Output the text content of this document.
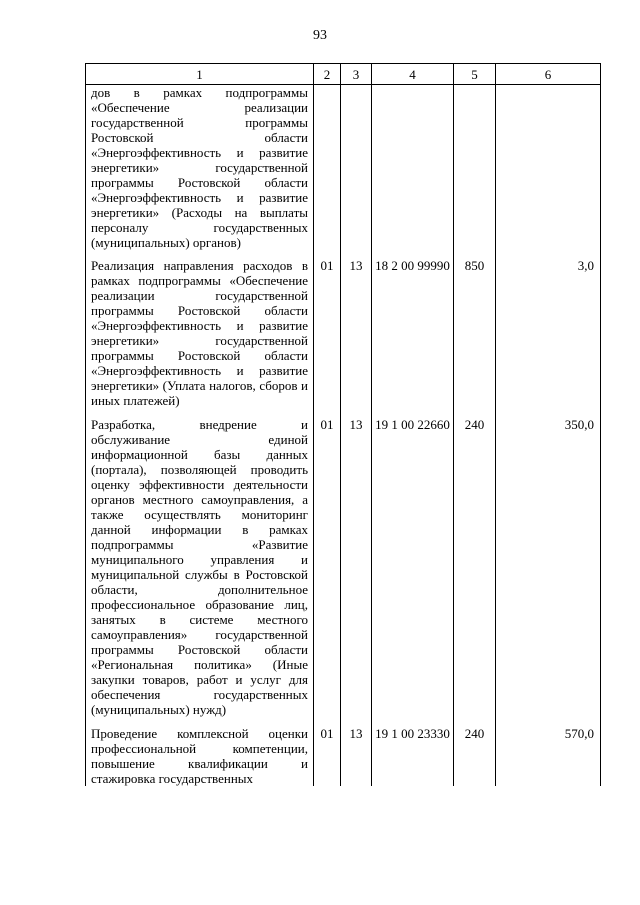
93
1	2	3	4	5	6

дов в рамках подпрограммы «Обеспечение реализации государственной программы Ростовской области «Энергоэффективность и развитие энергетики» государственной программы Ростовской области «Энергоэффективность и развитие энергетики» (Расходы на выплаты персоналу государственных (муниципальных) органов)					

Реализация направления расходов в рамках подпрограммы «Обеспечение реализации государственной программы Ростовской области «Энергоэффективность и развитие энергетики» государственной программы Ростовской области «Энергоэффективность и развитие энергетики» (Уплата налогов, сборов и иных платежей)	01	13	18 2 00 99990	850	3,0

Разработка, внедрение и обслуживание единой информационной базы данных (портала), позволяющей проводить оценку эффективности деятельности органов местного самоуправления, а также осуществлять мониторинг данной информации в рамках подпрограммы «Развитие муниципального управления и муниципальной службы в Ростовской области, дополнительное профессиональное образование лиц, занятых в системе местного самоуправления» государственной программы Ростовской области «Региональная политика» (Иные закупки товаров, работ и услуг для обеспечения государственных (муниципальных) нужд)	01	13	19 1 00 22660	240	350,0

Проведение комплексной оценки профессиональной компетенции, повышение квалификации и стажировка государственных	01	13	19 1 00 23330	240	570,0
